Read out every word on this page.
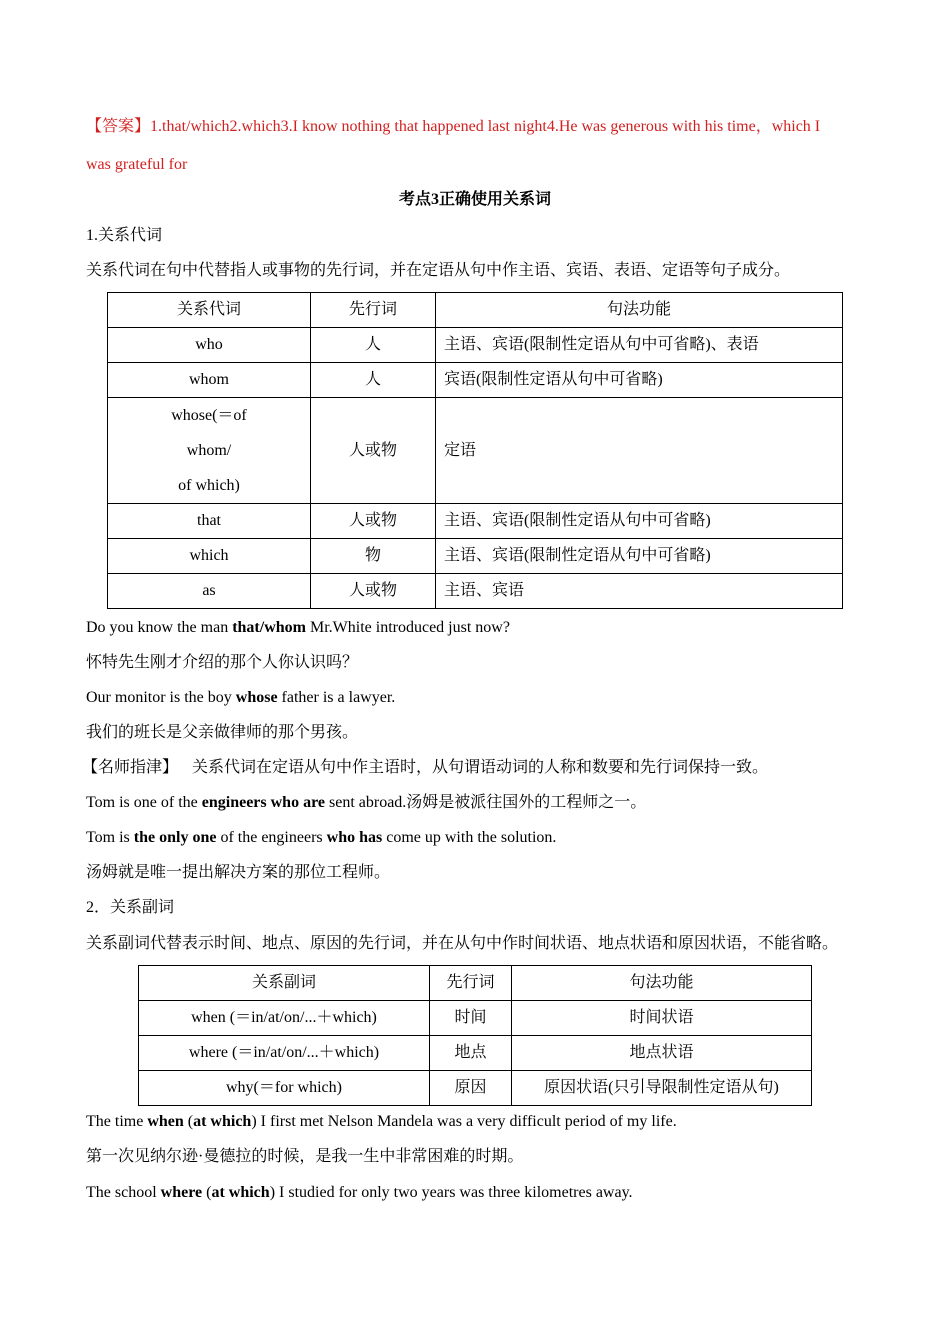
【答案】1.that/which2.which3.I know nothing that happened last night4.He was generous with his time，which I
was grateful for
考点3正确使用关系词
1.关系代词
关系代词在句中代替指人或事物的先行词，并在定语从句中作主语、宾语、表语、定语等句子成分。
关系代词	先行词	句法功能
who	人	主语、宾语(限制性定语从句中可省略)、表语
whom	人	宾语(限制性定语从句中可省略)

whose(＝of
whom/
of which)	人或物	定语
that	人或物	主语、宾语(限制性定语从句中可省略)
which	物	主语、宾语(限制性定语从句中可省略)
as	人或物	主语、宾语
Do you know the man that/whom Mr.White introduced just now?
怀特先生刚才介绍的那个人你认识吗？
Our monitor is the boy whose father is a lawyer.
我们的班长是父亲做律师的那个男孩。
【名师指津】 关系代词在定语从句中作主语时，从句谓语动词的人称和数要和先行词保持一致。
Tom is one of the engineers who are sent abroad.汤姆是被派往国外的工程师之一。
Tom is the only one of the engineers who has come up with the solution.
汤姆就是唯一提出解决方案的那位工程师。
2．关系副词
关系副词代替表示时间、地点、原因的先行词，并在从句中作时间状语、地点状语和原因状语，不能省略。
关系副词	先行词	句法功能
when (＝in/at/on/...＋which)	时间	时间状语
where (＝in/at/on/...＋which)	地点	地点状语
why(＝for which)	原因	原因状语(只引导限制性定语从句)
The time when (at which) I first met Nelson Mandela was a very difficult period of my life.
第一次见纳尔逊·曼德拉的时候，是我一生中非常困难的时期。
The school where (at which) I studied for only two years was three kilometres away.
